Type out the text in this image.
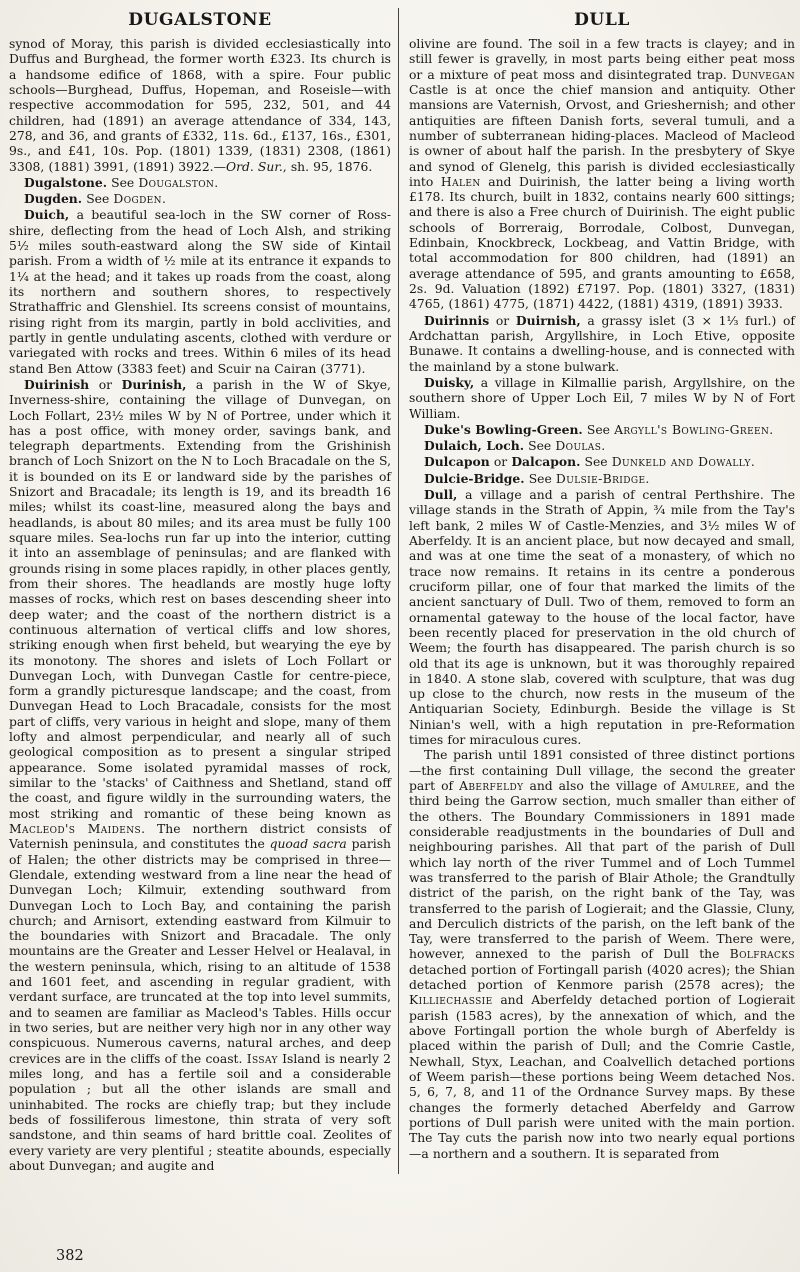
DUGALSTONE

synod of Moray, this parish is divided ecclesiastically into Duffus and Burghead, the former worth £323. Its church is a handsome edifice of 1868, with a spire. Four public schools—Burghead, Duffus, Hopeman, and Roseisle—with respective accommodation for 595, 232, 501, and 44 children, had (1891) an average attendance of 334, 143, 278, and 36, and grants of £332, 11s. 6d., £137, 16s., £301, 9s., and £41, 10s. Pop. (1801) 1339, (1831) 2308, (1861) 3308, (1881) 3991, (1891) 3922.—Ord. Sur., sh. 95, 1876.

Dugalstone. See Dougalston.

Dugden. See Dogden.

Duich, a beautiful sea-loch in the SW corner of Ross-shire, deflecting from the head of Loch Alsh, and striking 5½ miles south-eastward along the SW side of Kintail parish. From a width of ½ mile at its entrance it expands to 1¼ at the head; and it takes up roads from the coast, along its northern and southern shores, to respectively Strathaffric and Glenshiel. Its screens consist of mountains, rising right from its margin, partly in bold acclivities, and partly in gentle undulating ascents, clothed with verdure or variegated with rocks and trees. Within 6 miles of its head stand Ben Attow (3383 feet) and Scuir na Cairan (3771).

Duirinish or Durinish, a parish in the W of Skye, Inverness-shire, containing the village of Dunvegan, on Loch Follart, 23½ miles W by N of Portree, under which it has a post office, with money order, savings bank, and telegraph departments. Extending from the Grishinish branch of Loch Snizort on the N to Loch Bracadale on the S, it is bounded on its E or landward side by the parishes of Snizort and Bracadale; its length is 19, and its breadth 16 miles; whilst its coast-line, measured along the bays and headlands, is about 80 miles; and its area must be fully 100 square miles. Sea-lochs run far up into the interior, cutting it into an assemblage of peninsulas; and are flanked with grounds rising in some places rapidly, in other places gently, from their shores. The headlands are mostly huge lofty masses of rocks, which rest on bases descending sheer into deep water; and the coast of the northern district is a continuous alternation of vertical cliffs and low shores, striking enough when first beheld, but wearying the eye by its monotony. The shores and islets of Loch Follart or Dunvegan Loch, with Dunvegan Castle for centre-piece, form a grandly picturesque landscape; and the coast, from Dunvegan Head to Loch Bracadale, consists for the most part of cliffs, very various in height and slope, many of them lofty and almost perpendicular, and nearly all of such geological composition as to present a singular striped appearance. Some isolated pyramidal masses of rock, similar to the 'stacks' of Caithness and Shetland, stand off the coast, and figure wildly in the surrounding waters, the most striking and romantic of these being known as Macleod's Maidens. The northern district consists of Vaternish peninsula, and constitutes the quoad sacra parish of Halen; the other districts may be comprised in three—Glendale, extending westward from a line near the head of Dunvegan Loch; Kilmuir, extending southward from Dunvegan Loch to Loch Bay, and containing the parish church; and Arnisort, extending eastward from Kilmuir to the boundaries with Snizort and Bracadale. The only mountains are the Greater and Lesser Helvel or Healaval, in the western peninsula, which, rising to an altitude of 1538 and 1601 feet, and ascending in regular gradient, with verdant surface, are truncated at the top into level summits, and to seamen are familiar as Macleod's Tables. Hills occur in two series, but are neither very high nor in any other way conspicuous. Numerous caverns, natural arches, and deep crevices are in the cliffs of the coast. Issay Island is nearly 2 miles long, and has a fertile soil and a considerable population ; but all the other islands are small and uninhabited. The rocks are chiefly trap; but they include beds of fossiliferous limestone, thin strata of very soft sandstone, and thin seams of hard brittle coal. Zeolites of every variety are very plentiful ; steatite abounds, especially about Dunvegan; and augite and

DULL

olivine are found. The soil in a few tracts is clayey; and in still fewer is gravelly, in most parts being either peat moss or a mixture of peat moss and disintegrated trap. Dunvegan Castle is at once the chief mansion and antiquity. Other mansions are Vaternish, Orvost, and Grieshernish; and other antiquities are fifteen Danish forts, several tumuli, and a number of subterranean hiding-places. Macleod of Macleod is owner of about half the parish. In the presbytery of Skye and synod of Glenelg, this parish is divided ecclesiastically into Halen and Duirinish, the latter being a living worth £178. Its church, built in 1832, contains nearly 600 sittings; and there is also a Free church of Duirinish. The eight public schools of Borreraig, Borrodale, Colbost, Dunvegan, Edinbain, Knockbreck, Lockbeag, and Vattin Bridge, with total accommodation for 800 children, had (1891) an average attendance of 595, and grants amounting to £658, 2s. 9d. Valuation (1892) £7197. Pop. (1801) 3327, (1831) 4765, (1861) 4775, (1871) 4422, (1881) 4319, (1891) 3933.

Duirinnis or Duirnish, a grassy islet (3 × 1⅓ furl.) of Ardchattan parish, Argyllshire, in Loch Etive, opposite Bunawe. It contains a dwelling-house, and is connected with the mainland by a stone bulwark.

Duisky, a village in Kilmallie parish, Argyllshire, on the southern shore of Upper Loch Eil, 7 miles W by N of Fort William.

Duke's Bowling-Green. See Argyll's Bowling-Green.

Dulaich, Loch. See Doulas.

Dulcapon or Dalcapon. See Dunkeld and Dowally.

Dulcie-Bridge. See Dulsie-Bridge.

Dull, a village and a parish of central Perthshire. The village stands in the Strath of Appin, ¾ mile from the Tay's left bank, 2 miles W of Castle-Menzies, and 3½ miles W of Aberfeldy. It is an ancient place, but now decayed and small, and was at one time the seat of a monastery, of which no trace now remains. It retains in its centre a ponderous cruciform pillar, one of four that marked the limits of the ancient sanctuary of Dull. Two of them, removed to form an ornamental gateway to the house of the local factor, have been recently placed for preservation in the old church of Weem; the fourth has disappeared. The parish church is so old that its age is unknown, but it was thoroughly repaired in 1840. A stone slab, covered with sculpture, that was dug up close to the church, now rests in the museum of the Antiquarian Society, Edinburgh. Beside the village is St Ninian's well, with a high reputation in pre-Reformation times for miraculous cures.

The parish until 1891 consisted of three distinct portions—the first containing Dull village, the second the greater part of Aberfeldy and also the village of Amulree, and the third being the Garrow section, much smaller than either of the others. The Boundary Commissioners in 1891 made considerable readjustments in the boundaries of Dull and neighbouring parishes. All that part of the parish of Dull which lay north of the river Tummel and of Loch Tummel was transferred to the parish of Blair Athole; the Grandtully district of the parish, on the right bank of the Tay, was transferred to the parish of Logierait; and the Glassie, Cluny, and Derculich districts of the parish, on the left bank of the Tay, were transferred to the parish of Weem. There were, however, annexed to the parish of Dull the Bolfracks detached portion of Fortingall parish (4020 acres); the Shian detached portion of Kenmore parish (2578 acres); the Killiechassie and Aberfeldy detached portion of Logierait parish (1583 acres), by the annexation of which, and the above Fortingall portion the whole burgh of Aberfeldy is placed within the parish of Dull; and the Comrie Castle, Newhall, Styx, Leachan, and Coalvellich detached portions of Weem parish—these portions being Weem detached Nos. 5, 6, 7, 8, and 11 of the Ordnance Survey maps. By these changes the formerly detached Aberfeldy and Garrow portions of Dull parish were united with the main portion. The Tay cuts the parish now into two nearly equal portions —a northern and a southern. It is separated from

382
